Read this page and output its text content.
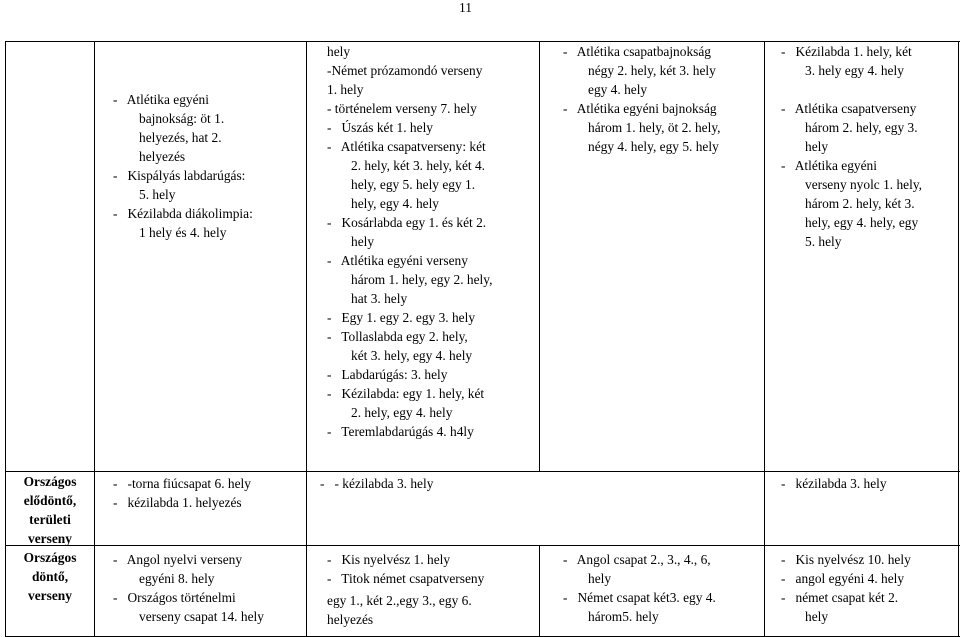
11
Országos
elődöntő,
területi
verseny
Országos
döntő,
verseny
-   Atlétika egyéni
bajnokság: öt 1.
helyezés, hat 2.
helyezés
-   Kispályás labdarúgás:
5. hely
-   Kézilabda diákolimpia:
1 hely és 4. hely
hely
-Német prózamondó verseny
1. hely
- történelem verseny 7. hely
-   Úszás két 1. hely
-   Atlétika csapatverseny: két
2. hely, két 3. hely, két 4.
hely, egy 5. hely egy 1.
hely, egy 4. hely
-   Kosárlabda egy 1. és két 2.
hely
-   Atlétika egyéni verseny
három 1. hely, egy 2. hely,
hat 3. hely
-   Egy 1. egy 2. egy 3. hely
-   Tollaslabda egy 2. hely,
két 3. hely, egy 4. hely
-   Labdarúgás: 3. hely
-   Kézilabda: egy 1. hely, két
2. hely, egy 4. hely
-   Teremlabdarúgás 4. h4ly
-   Atlétika csapatbajnokság
négy 2. hely, két 3. hely
egy 4. hely
-   Atlétika egyéni bajnokság
három 1. hely, öt 2. hely,
négy 4. hely, egy 5. hely
-   Kézilabda 1. hely, két
3. hely egy 4. hely
-   Atlétika csapatverseny
három 2. hely, egy 3.
hely
-   Atlétika egyéni
verseny nyolc 1. hely,
három 2. hely, két 3.
hely, egy 4. hely, egy
5. hely
-   -torna fiúcsapat 6. hely
-   kézilabda 1. helyezés
-   - kézilabda 3. hely	-   kézilabda 3. hely
-   Angol nyelvi verseny
egyéni 8. hely
-   Országos történelmi
verseny csapat 14. hely
-   Kis nyelvész 1. hely
-   Titok német csapatverseny
egy 1., két 2.,egy 3., egy 6.
helyezés
-   Angol csapat 2., 3., 4., 6,
hely
-   Német csapat két3. egy 4.
három5. hely
-   Kis nyelvész 10. hely
-   angol egyéni 4. hely
-   német csapat két 2.
hely
